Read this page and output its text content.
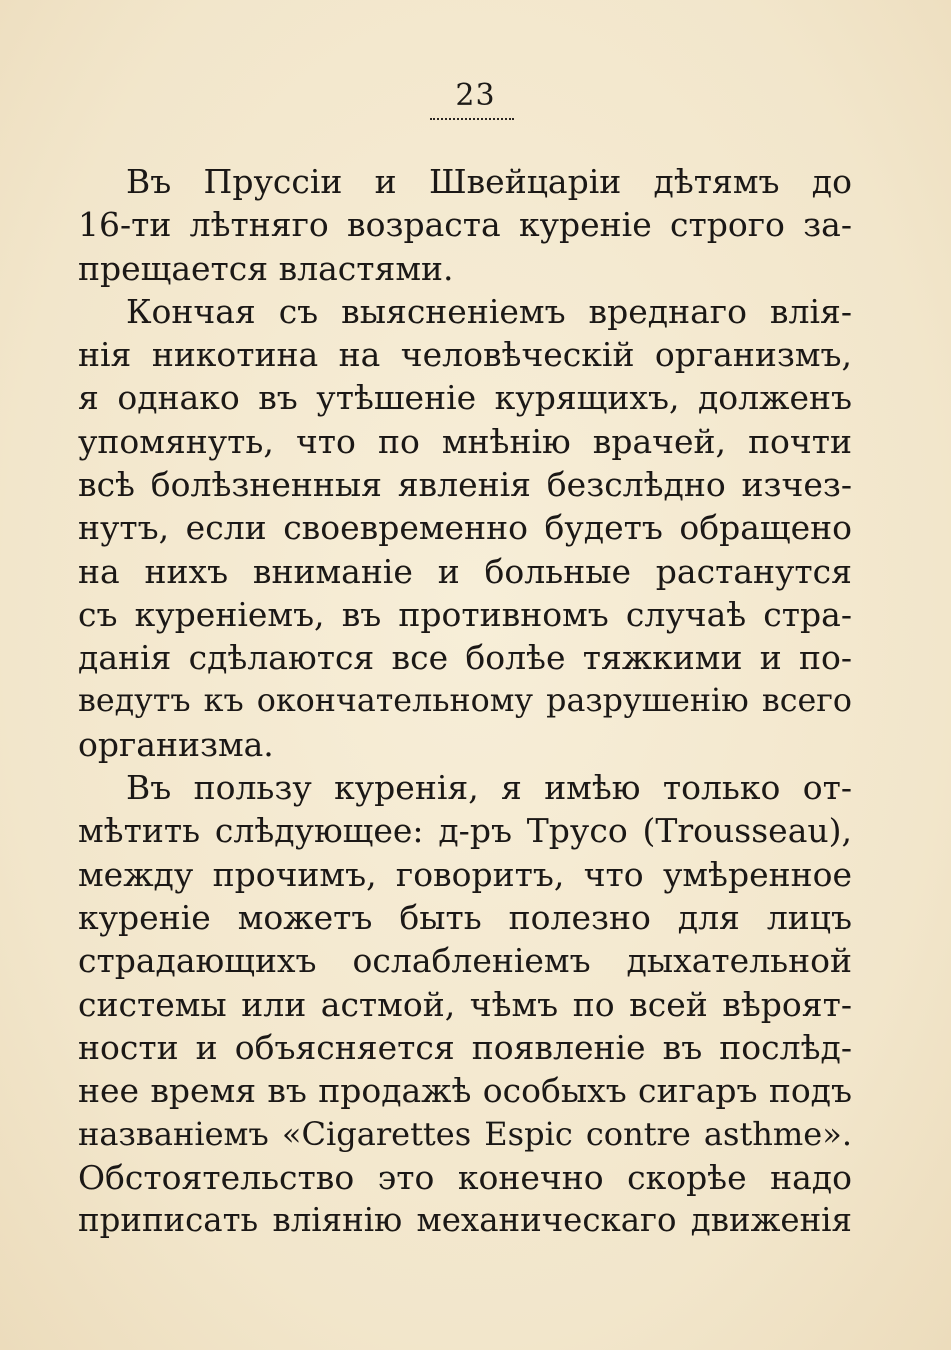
23
Въ Пруссіи и Швейцаріи дѣтямъ до
16-ти лѣтняго возраста куреніе строго за-
прещается властями.
Кончая съ выясненіемъ вреднаго влія-
нія никотина на человѣческій организмъ,
я однако въ утѣшеніе курящихъ, долженъ
упомянуть, что по мнѣнію врачей, почти
всѣ болѣзненныя явленія безслѣдно изчез-
нутъ, если своевременно будетъ обращено
на нихъ вниманіе и больные растанутся
съ куреніемъ, въ противномъ случаѣ стра-
данія сдѣлаются все болѣе тяжкими и по-
ведутъ къ окончательному разрушенію всего
организма.
Въ пользу куренія, я имѣю только от-
мѣтить слѣдующее: д-ръ Трусо (Trousseau),
между прочимъ, говоритъ, что умѣренное
куреніе можетъ быть полезно для лицъ
страдающихъ ослабленіемъ дыхательной
системы или астмой, чѣмъ по всей вѣроят-
ности и объясняется появленіе въ послѣд-
нее время въ продажѣ особыхъ сигаръ подъ
названіемъ «Cigarettes Espic contre asthme».
Обстоятельство это конечно скорѣе надо
приписать вліянію механическаго движенія
